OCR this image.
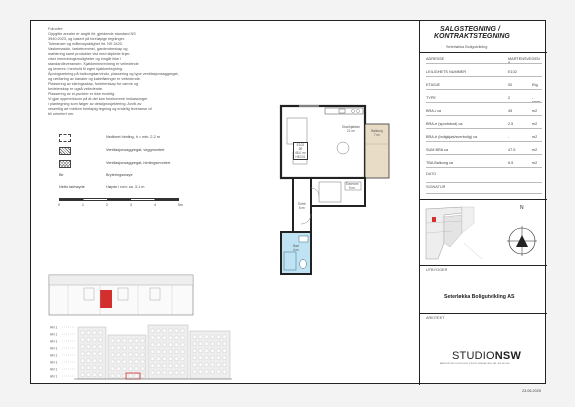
Fotnoter:
Oppgitte arealer er angitt iht. gjeldende standard NS
3940:2023, og basert på foreløpige tegninger.
Toleranser og målenøyaktighet iht. NS 3420.
Vaskemaskin, tørketrommel, garderobeskap og
møblering samt produkter vist med stiplede linjer,
viser innredningsmuligheter og inngår ikke i
standardleveransen. Kjøkkeninnredning er veiledende
og leveres i henhold til egen kjøkkentegning.
Åpningsretning på balkongdør/vindu, plassering og type ventilasjonsaggregat,
og rør/føring av kanaler og kabelføringer er veiledende.
Plassering av sikringsskap, fordelerskap for varme og
fordelerskap er også veiledende.
Plassering av el-punkter er ikke endelig.
Vi gjør oppmerksom på at det kan forekomme innkassinger
i plantegning som følger av detaljprosjektering. Avvik av
vesentlig art mellom foreløpig tegning og endelig leveranse vil
bli orientert om.
Nedforet himling, h = min. 2,2 m
Ventilasjonsaggregat, veggmontert
Ventilasjonsaggregat, himlingsmontert
Bir	Bryteringsmøye
Netto takhøyde	Høyde i rom: ca. 3,1 m
0	1	2	3	4	5m
E102
2ff
45.0 m²
HE101
Stue/kjøkken
21 m²	Balkong
7 m²
Soverom
9 m²
Bad
4 m²
Entré
5 m²
HN 1
HN 1
HN 1
HN 1
HN 1
HN 1
HN 1
HN 1
SALGSTEGNING /
KONTRAKTSTEGNING
Seterløkka Boligutvikling
ADRESSE	MARTENSVEGEN 8
LEILIGHETS NUMMER	E102
ETASJE	00	Etg
TYPE	2	- roms
BRA-i ca	45	m2
BRA-e (sportsbod) ca	2.5	m2
BRA-b (boligkjøk/sverbolig) ca	-	m2
SUM BRA ca	47.5	m2
TBA Balkong ca	6.5	m2
DATO
SIGNATUR
N
UTBYGGER
Seterløkka Boligutvikling AS
ARKITEKT
STUDIONSW
ARKITEKTUR OG BYGG BY STUDIO NSW AS ORG. NR. 000 000 000
23.06.2025
